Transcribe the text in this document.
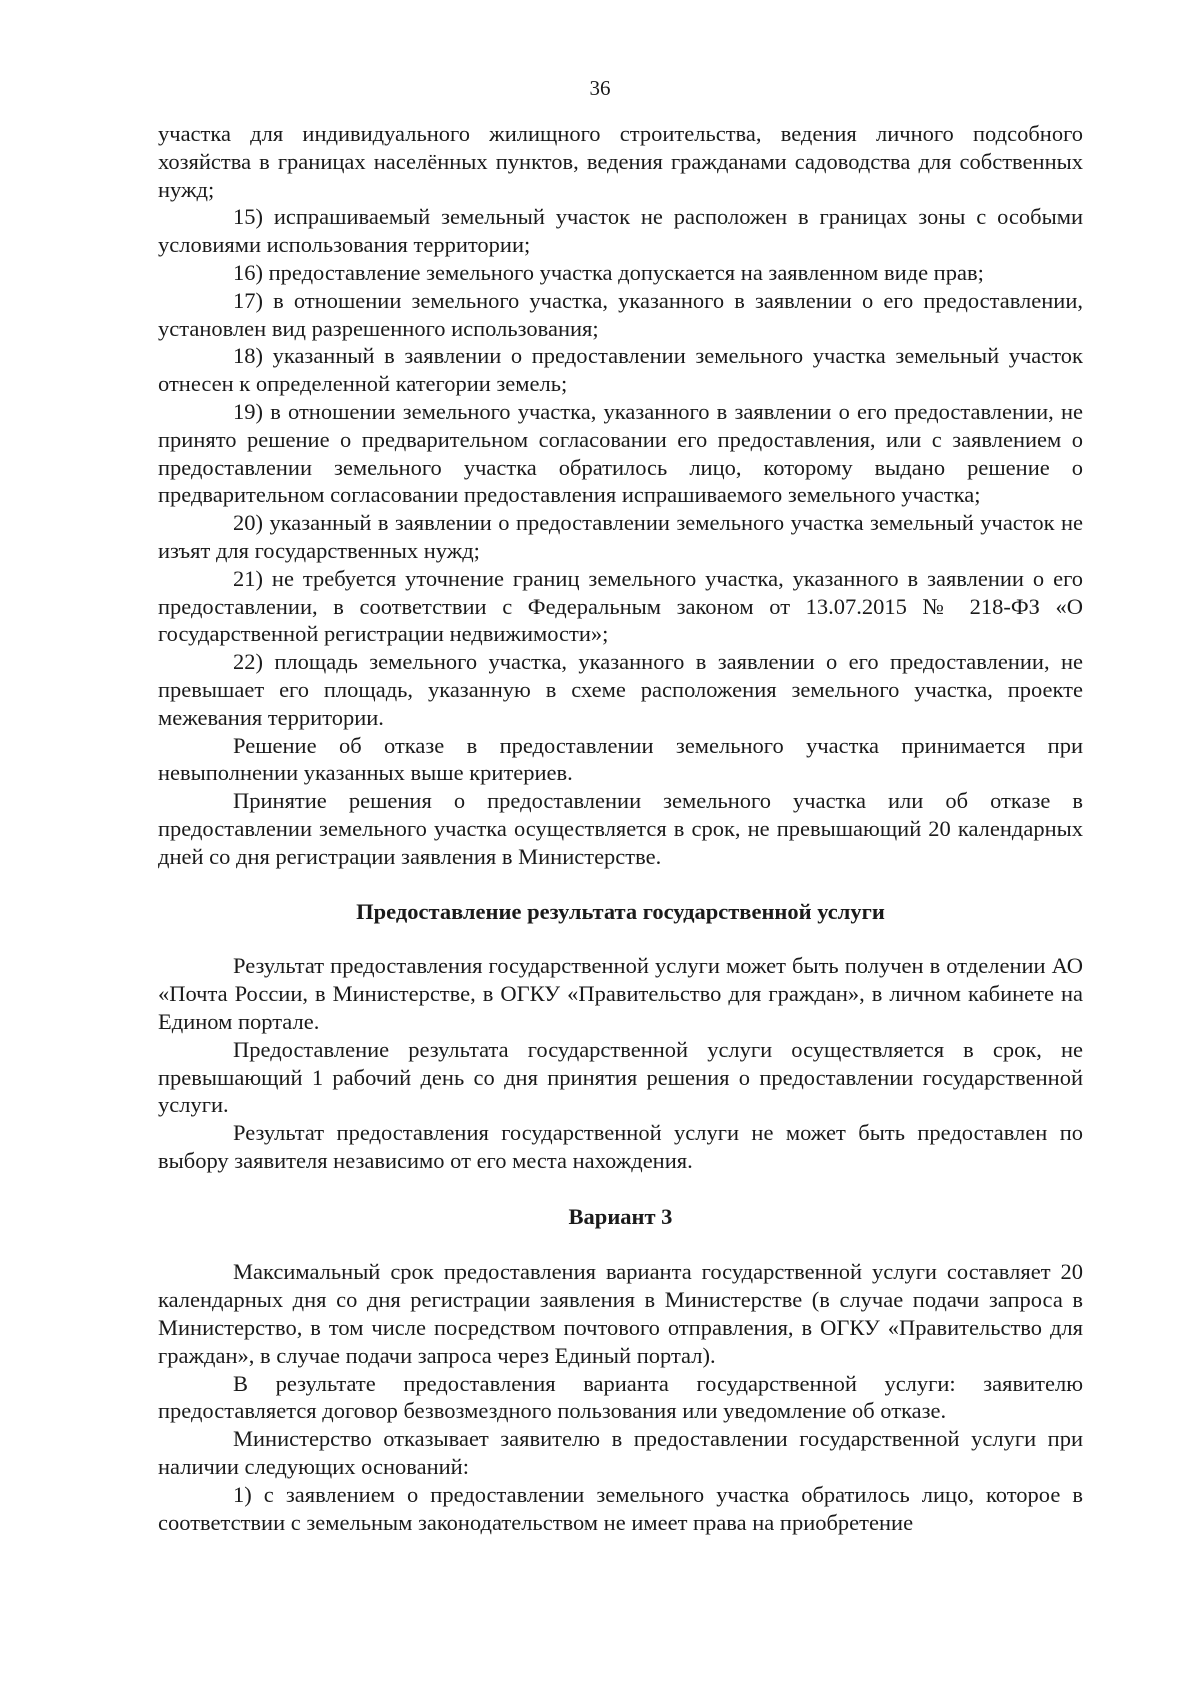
36

участка для индивидуального жилищного строительства, ведения личного подсобного хозяйства в границах населённых пунктов, ведения гражданами садоводства для собственных нужд;

15) испрашиваемый земельный участок не расположен в границах зоны с особыми условиями использования территории;

16) предоставление земельного участка допускается на заявленном виде прав;

17) в отношении земельного участка, указанного в заявлении о его предоставлении, установлен вид разрешенного использования;

18) указанный в заявлении о предоставлении земельного участка земельный участок отнесен к определенной категории земель;

19) в отношении земельного участка, указанного в заявлении о его предоставлении, не принято решение о предварительном согласовании его предоставления, или с заявлением о предоставлении земельного участка обратилось лицо, которому выдано решение о предварительном согласовании предоставления испрашиваемого земельного участка;

20) указанный в заявлении о предоставлении земельного участка земельный участок не изъят для государственных нужд;

21) не требуется уточнение границ земельного участка, указанного в заявлении о его предоставлении, в соответствии с Федеральным законом от 13.07.2015 № 218-ФЗ «О государственной регистрации недвижимости»;

22) площадь земельного участка, указанного в заявлении о его предоставлении, не превышает его площадь, указанную в схеме расположения земельного участка, проекте межевания территории.

Решение об отказе в предоставлении земельного участка принимается при невыполнении указанных выше критериев.

Принятие решения о предоставлении земельного участка или об отказе в предоставлении земельного участка осуществляется в срок, не превышающий 20 календарных дней со дня регистрации заявления в Министерстве.

Предоставление результата государственной услуги

Результат предоставления государственной услуги может быть получен в отделении АО «Почта России, в Министерстве, в ОГКУ «Правительство для граждан», в личном кабинете на Едином портале.

Предоставление результата государственной услуги осуществляется в срок, не превышающий 1 рабочий день со дня принятия решения о предоставлении государственной услуги.

Результат предоставления государственной услуги не может быть предоставлен по выбору заявителя независимо от его места нахождения.

Вариант 3

Максимальный срок предоставления варианта государственной услуги составляет 20 календарных дня со дня регистрации заявления в Министерстве (в случае подачи запроса в Министерство, в том числе посредством почтового отправления, в ОГКУ «Правительство для граждан», в случае подачи запроса через Единый портал).

В результате предоставления варианта государственной услуги: заявителю предоставляется договор безвозмездного пользования или уведомление об отказе.

Министерство отказывает заявителю в предоставлении государственной услуги при наличии следующих оснований:

1) с заявлением о предоставлении земельного участка обратилось лицо, которое в соответствии с земельным законодательством не имеет права на приобретение
